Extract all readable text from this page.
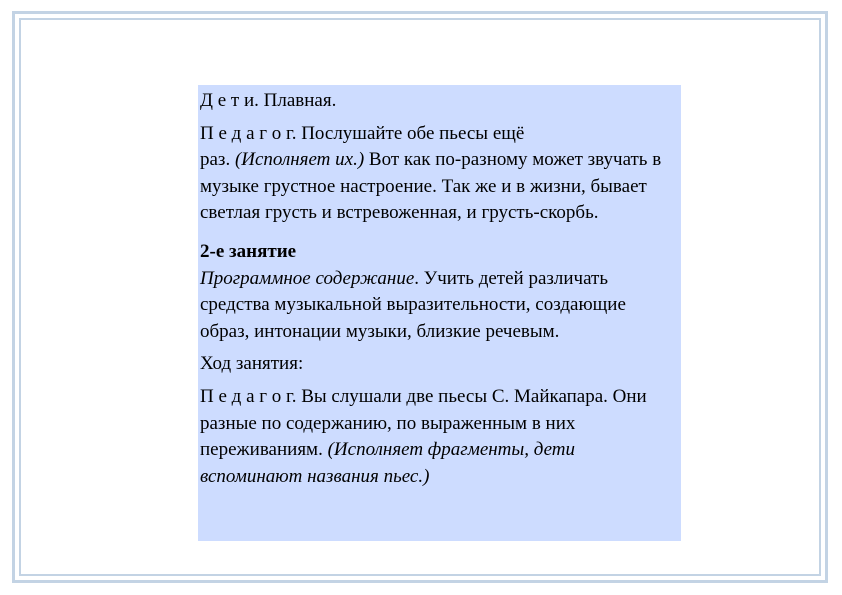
Д е т и. Плавная.

П е д а г о г. Послушайте обе пьесы ещё
раз. (Исполняет их.) Вот как по-разному может звучать в музыке грустное настроение. Так же и в жизни, бывает светлая грусть и встревоженная, и грусть-скорбь.

2-е занятие

Программное содержание. Учить детей различать средства музыкальной выразительности, создающие образ, интонации музыки, близкие речевым.

Ход занятия:

П е д а г о г. Вы слушали две пьесы С. Майкапара. Они разные по содержанию, по выраженным в них переживаниям. (Исполняет фрагменты, дети вспоминают названия пьес.)
